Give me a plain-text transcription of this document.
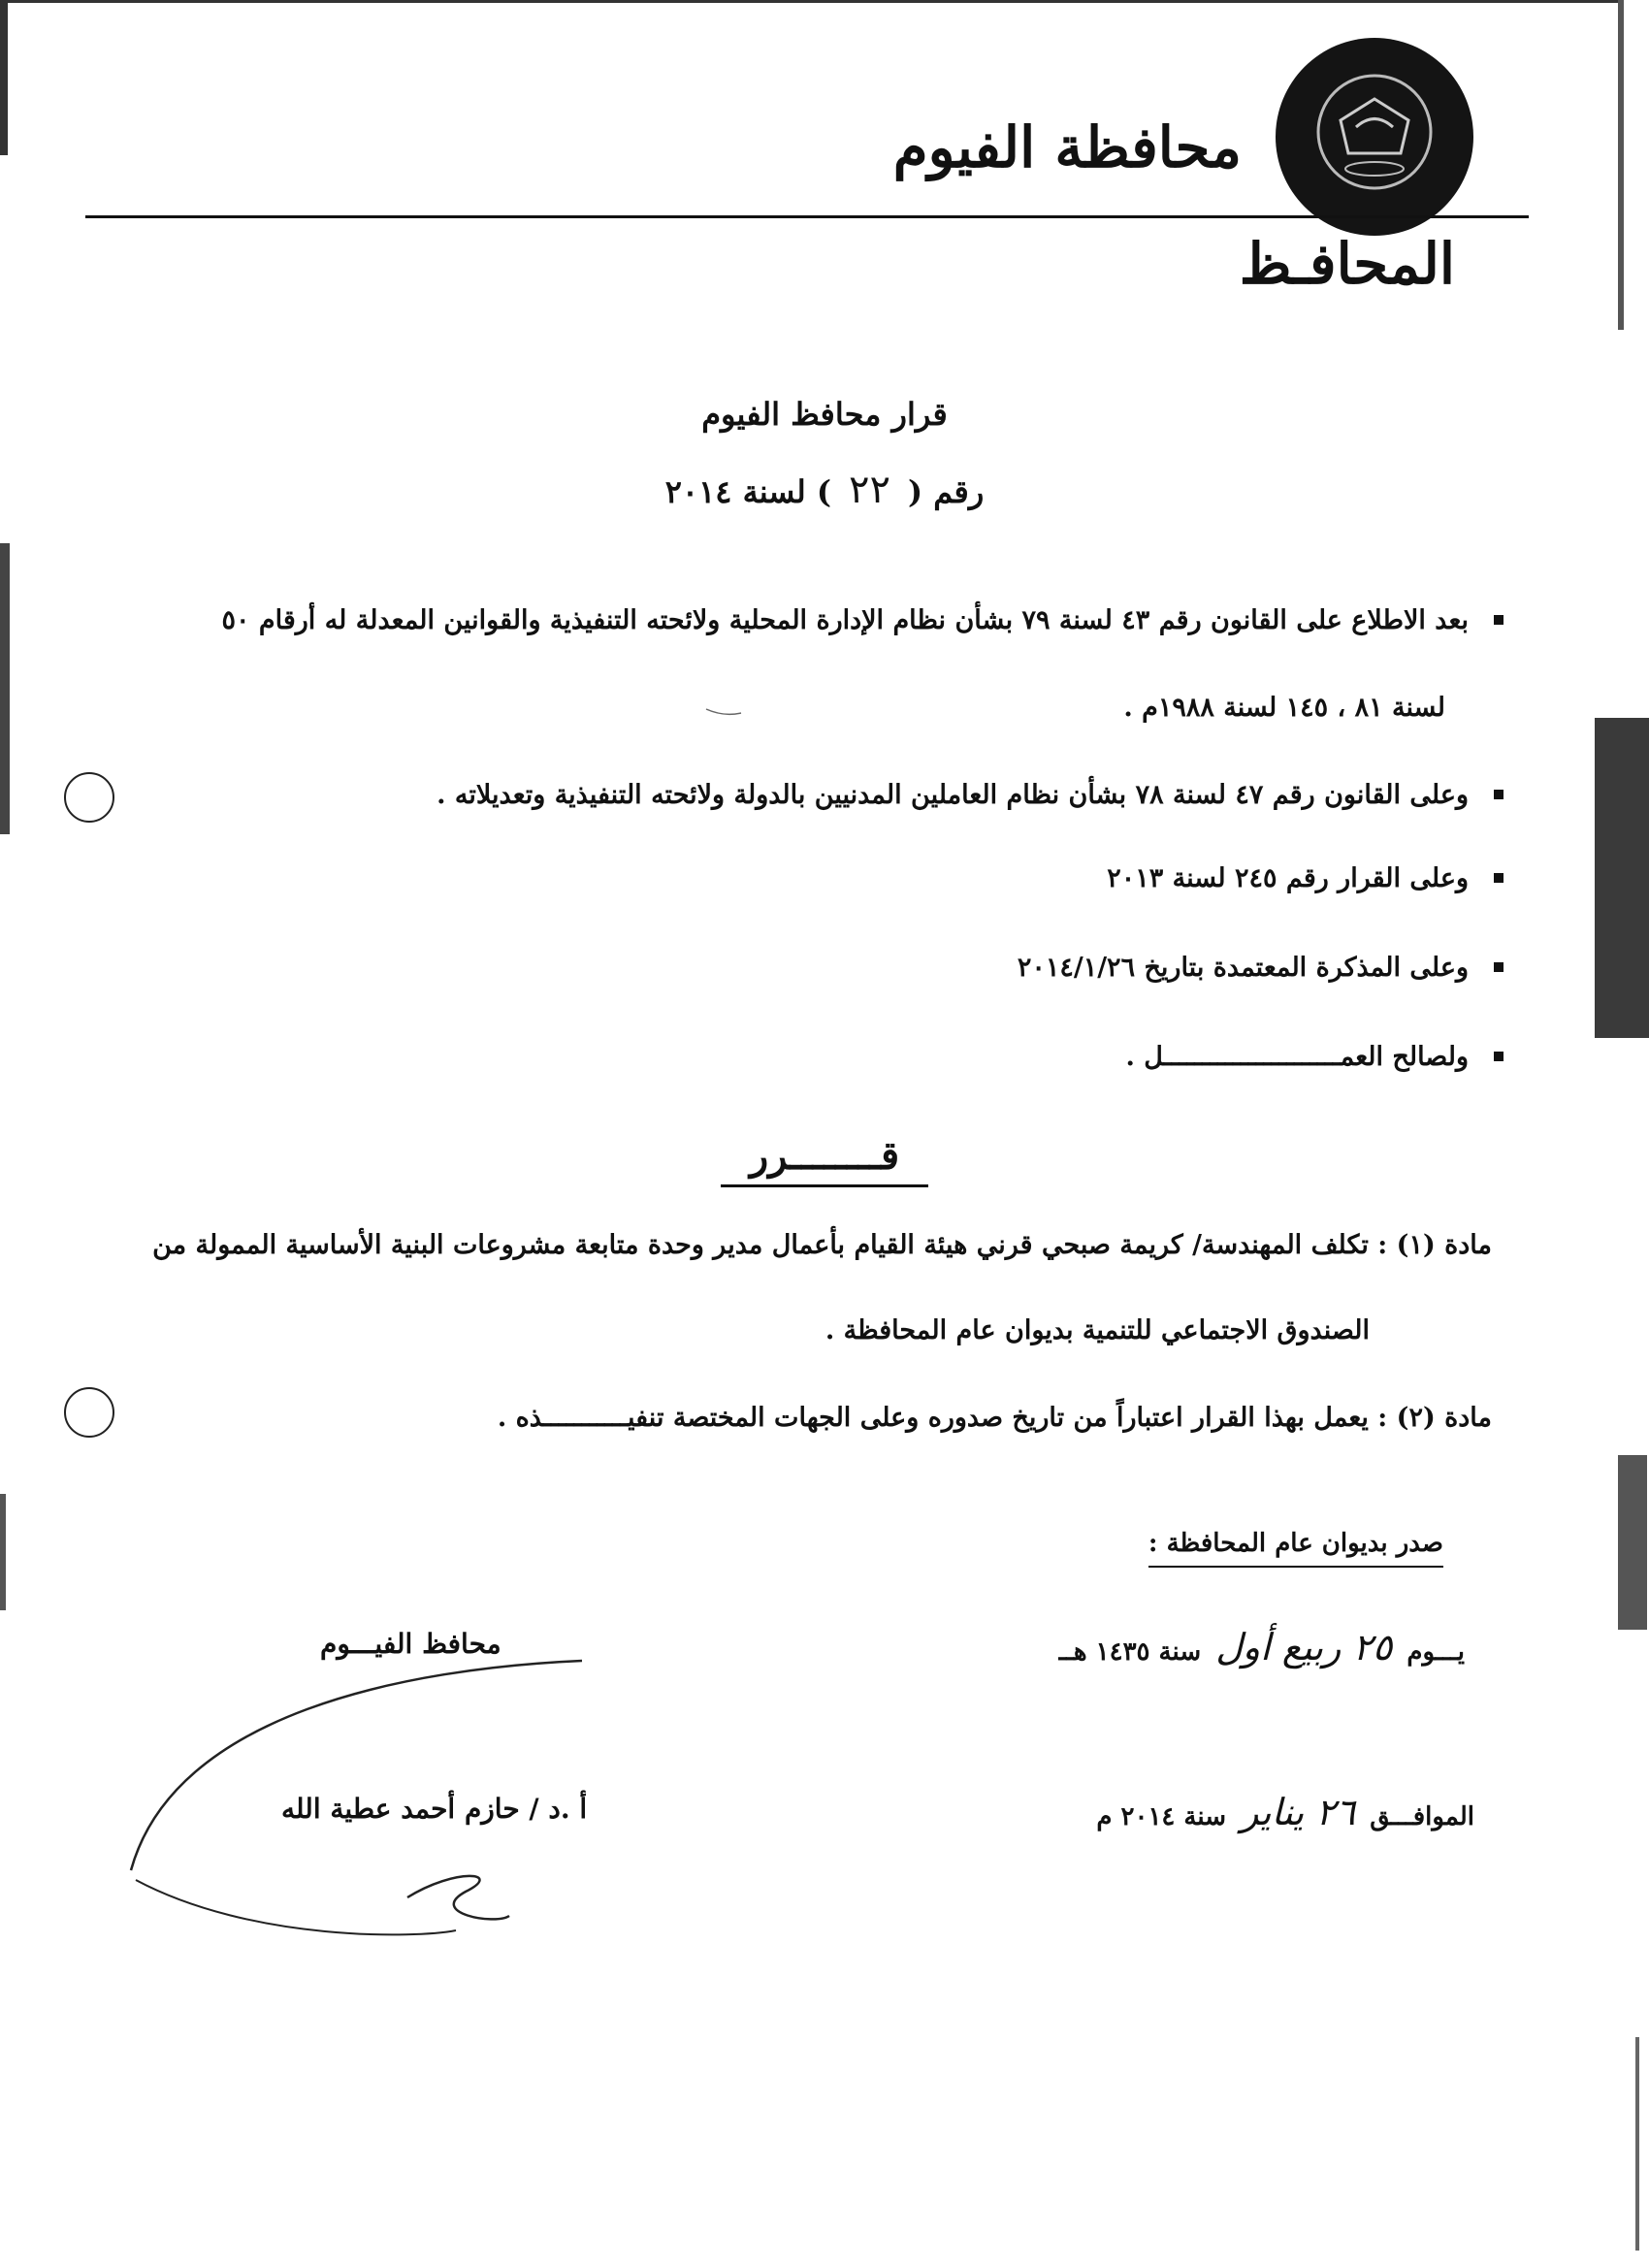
محافظة الفيوم
المحافـظ
قرار محافظ الفيوم
رقم (٢٢) لسنة ٢٠١٤
بعد الاطلاع على القانون رقم ٤٣ لسنة ٧٩ بشأن نظام الإدارة المحلية ولائحته التنفيذية والقوانين المعدلة له أرقام ٥٠
لسنة ٨١ ، ١٤٥ لسنة ١٩٨٨م .
وعلى القانون رقم ٤٧ لسنة ٧٨ بشأن نظام العاملين المدنيين بالدولة ولائحته التنفيذية وتعديلاته .
وعلى القرار رقم ٢٤٥ لسنة ٢٠١٣
وعلى المذكرة المعتمدة بتاريخ ٢٠١٤/١/٢٦
ولصالح العمـــــــــــــــــــــــل .
قــــــــرر
مادة (١) : تكلف المهندسة/ كريمة صبحي قرني هيئة القيام بأعمال مدير وحدة متابعة مشروعات البنية الأساسية الممولة من
الصندوق الاجتماعي للتنمية بديوان عام المحافظة .
مادة (٢) : يعمل بهذا القرار اعتباراً من تاريخ صدوره وعلى الجهات المختصة تنفيـــــــــــذه .
صدر بديوان عام المحافظة :
يـــوم ٢٥ ربيع أول سنة ١٤٣٥ هــ
الموافـــق ٢٦ يناير سنة ٢٠١٤ م
محافظ الفيـــوم
أ .د / حازم أحمد عطية الله
